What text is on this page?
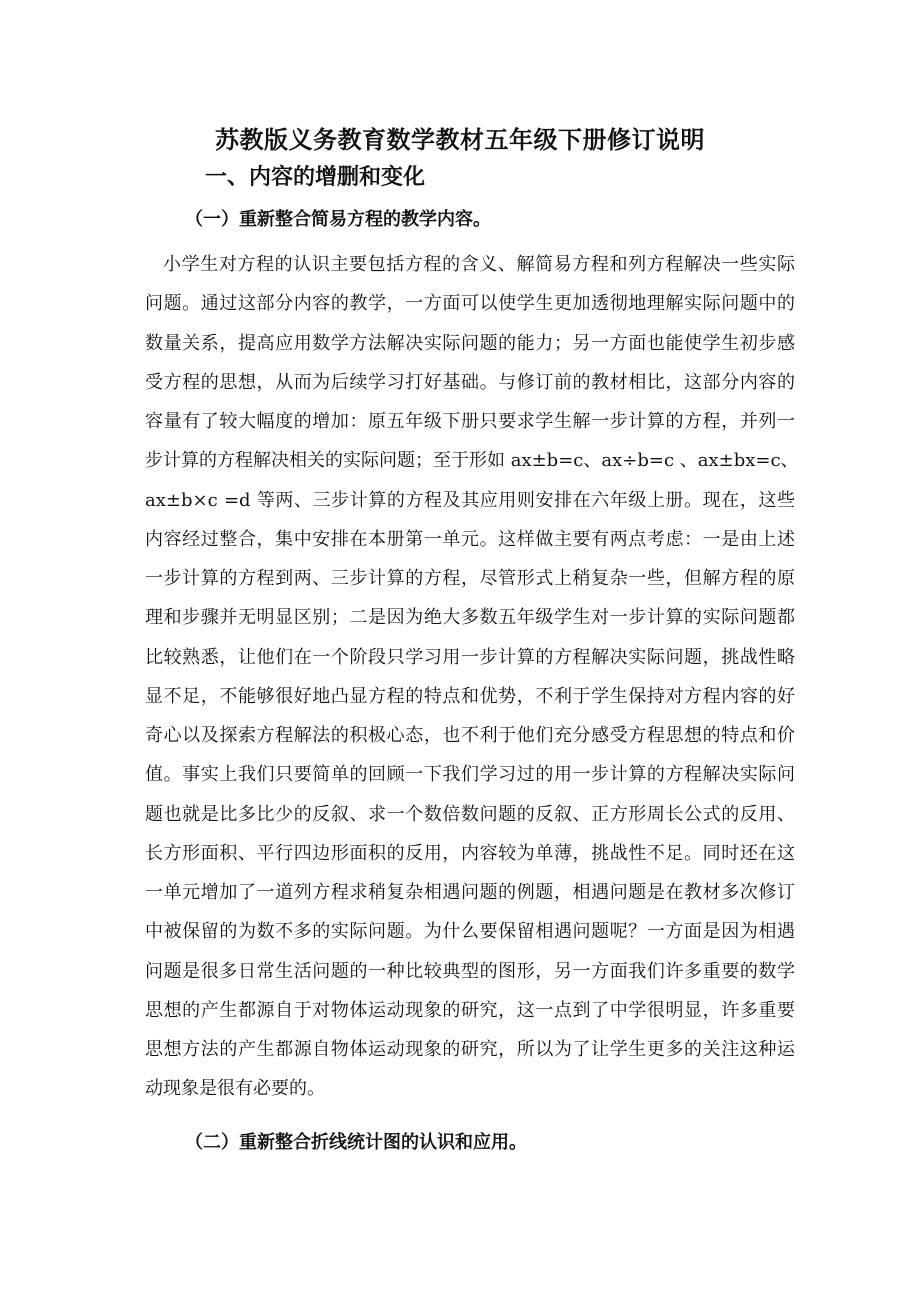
苏教版义务教育数学教材五年级下册修订说明
一、内容的增删和变化
（一）重新整合简易方程的教学内容。
小学生对方程的认识主要包括方程的含义、解简易方程和列方程解决一些实际
问题。通过这部分内容的教学，一方面可以使学生更加透彻地理解实际问题中的
数量关系，提高应用数学方法解决实际问题的能力；另一方面也能使学生初步感
受方程的思想，从而为后续学习打好基础。与修订前的教材相比，这部分内容的
容量有了较大幅度的增加：原五年级下册只要求学生解一步计算的方程，并列一
步计算的方程解决相关的实际问题；至于形如 ax±b=c、ax÷b=c 、ax±bx=c、
ax±b×c =d 等两、三步计算的方程及其应用则安排在六年级上册。现在，这些
内容经过整合，集中安排在本册第一单元。这样做主要有两点考虑：一是由上述
一步计算的方程到两、三步计算的方程，尽管形式上稍复杂一些，但解方程的原
理和步骤并无明显区别；二是因为绝大多数五年级学生对一步计算的实际问题都
比较熟悉，让他们在一个阶段只学习用一步计算的方程解决实际问题，挑战性略
显不足，不能够很好地凸显方程的特点和优势，不利于学生保持对方程内容的好
奇心以及探索方程解法的积极心态，也不利于他们充分感受方程思想的特点和价
值。事实上我们只要简单的回顾一下我们学习过的用一步计算的方程解决实际问
题也就是比多比少的反叙、求一个数倍数问题的反叙、正方形周长公式的反用、
长方形面积、平行四边形面积的反用，内容较为单薄，挑战性不足。同时还在这
一单元增加了一道列方程求稍复杂相遇问题的例题，相遇问题是在教材多次修订
中被保留的为数不多的实际问题。为什么要保留相遇问题呢？一方面是因为相遇
问题是很多日常生活问题的一种比较典型的图形，另一方面我们许多重要的数学
思想的产生都源自于对物体运动现象的研究，这一点到了中学很明显，许多重要
思想方法的产生都源自物体运动现象的研究，所以为了让学生更多的关注这种运
动现象是很有必要的。
（二）重新整合折线统计图的认识和应用。
